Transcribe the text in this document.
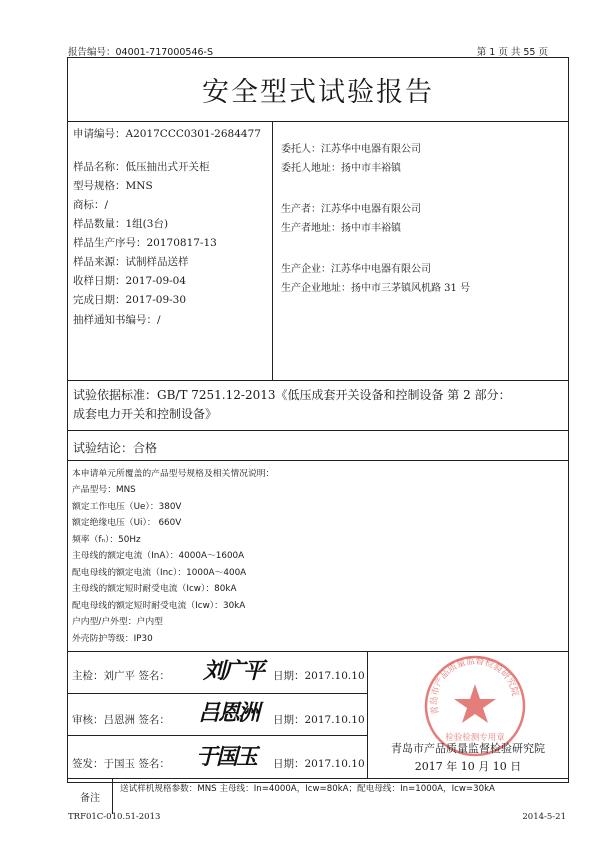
报告编号：04001-717000546-S	第 1 页 共 55 页
安全型式试验报告
申请编号：A2017CCC0301-2684477
样品名称：低压抽出式开关柜
型号规格：MNS
商标：/
样品数量：1组(3台)
样品生产序号：20170817-13
样品来源：试制样品送样
收样日期：2017-09-04
完成日期：2017-09-30
抽样通知书编号：/
委托人：江苏华中电器有限公司
委托人地址：扬中市丰裕镇
生产者：江苏华中电器有限公司
生产者地址：扬中市丰裕镇
生产企业：江苏华中电器有限公司
生产企业地址：扬中市三茅镇风机路 31 号
试验依据标准：GB/T 7251.12-2013《低压成套开关设备和控制设备 第 2 部分：
成套电力开关和控制设备》
试验结论：合格
本申请单元所覆盖的产品型号规格及相关情况说明：
产品型号：MNS
额定工作电压（Ue）：380V
额定绝缘电压（Ui）： 660V
频率（fₙ）：50Hz
主母线的额定电流（InA）：4000A～1600A
配电母线的额定电流（Inc）：1000A～400A
主母线的额定短时耐受电流（Icw）：80kA
配电母线的额定短时耐受电流（Icw）：30kA
户内型/户外型：户内型
外壳防护等级：IP30
主检：刘广平 签名： 刘广平 日期：2017.10.10
审核：吕恩洲 签名： 吕恩洲 日期：2017.10.10
签发：于国玉 签名： 于国玉 日期：2017.10.10
青岛市产品质量监督检验研究院
检验检测专用章
青岛市产品质量监督检验研究院
2017 年 10 月 10 日
备注
送试样机规格参数：MNS 主母线：In=4000A，Icw=80kA；配电母线：In=1000A，Icw=30kA
TRF01C-010.51-2013	2014-5-21
